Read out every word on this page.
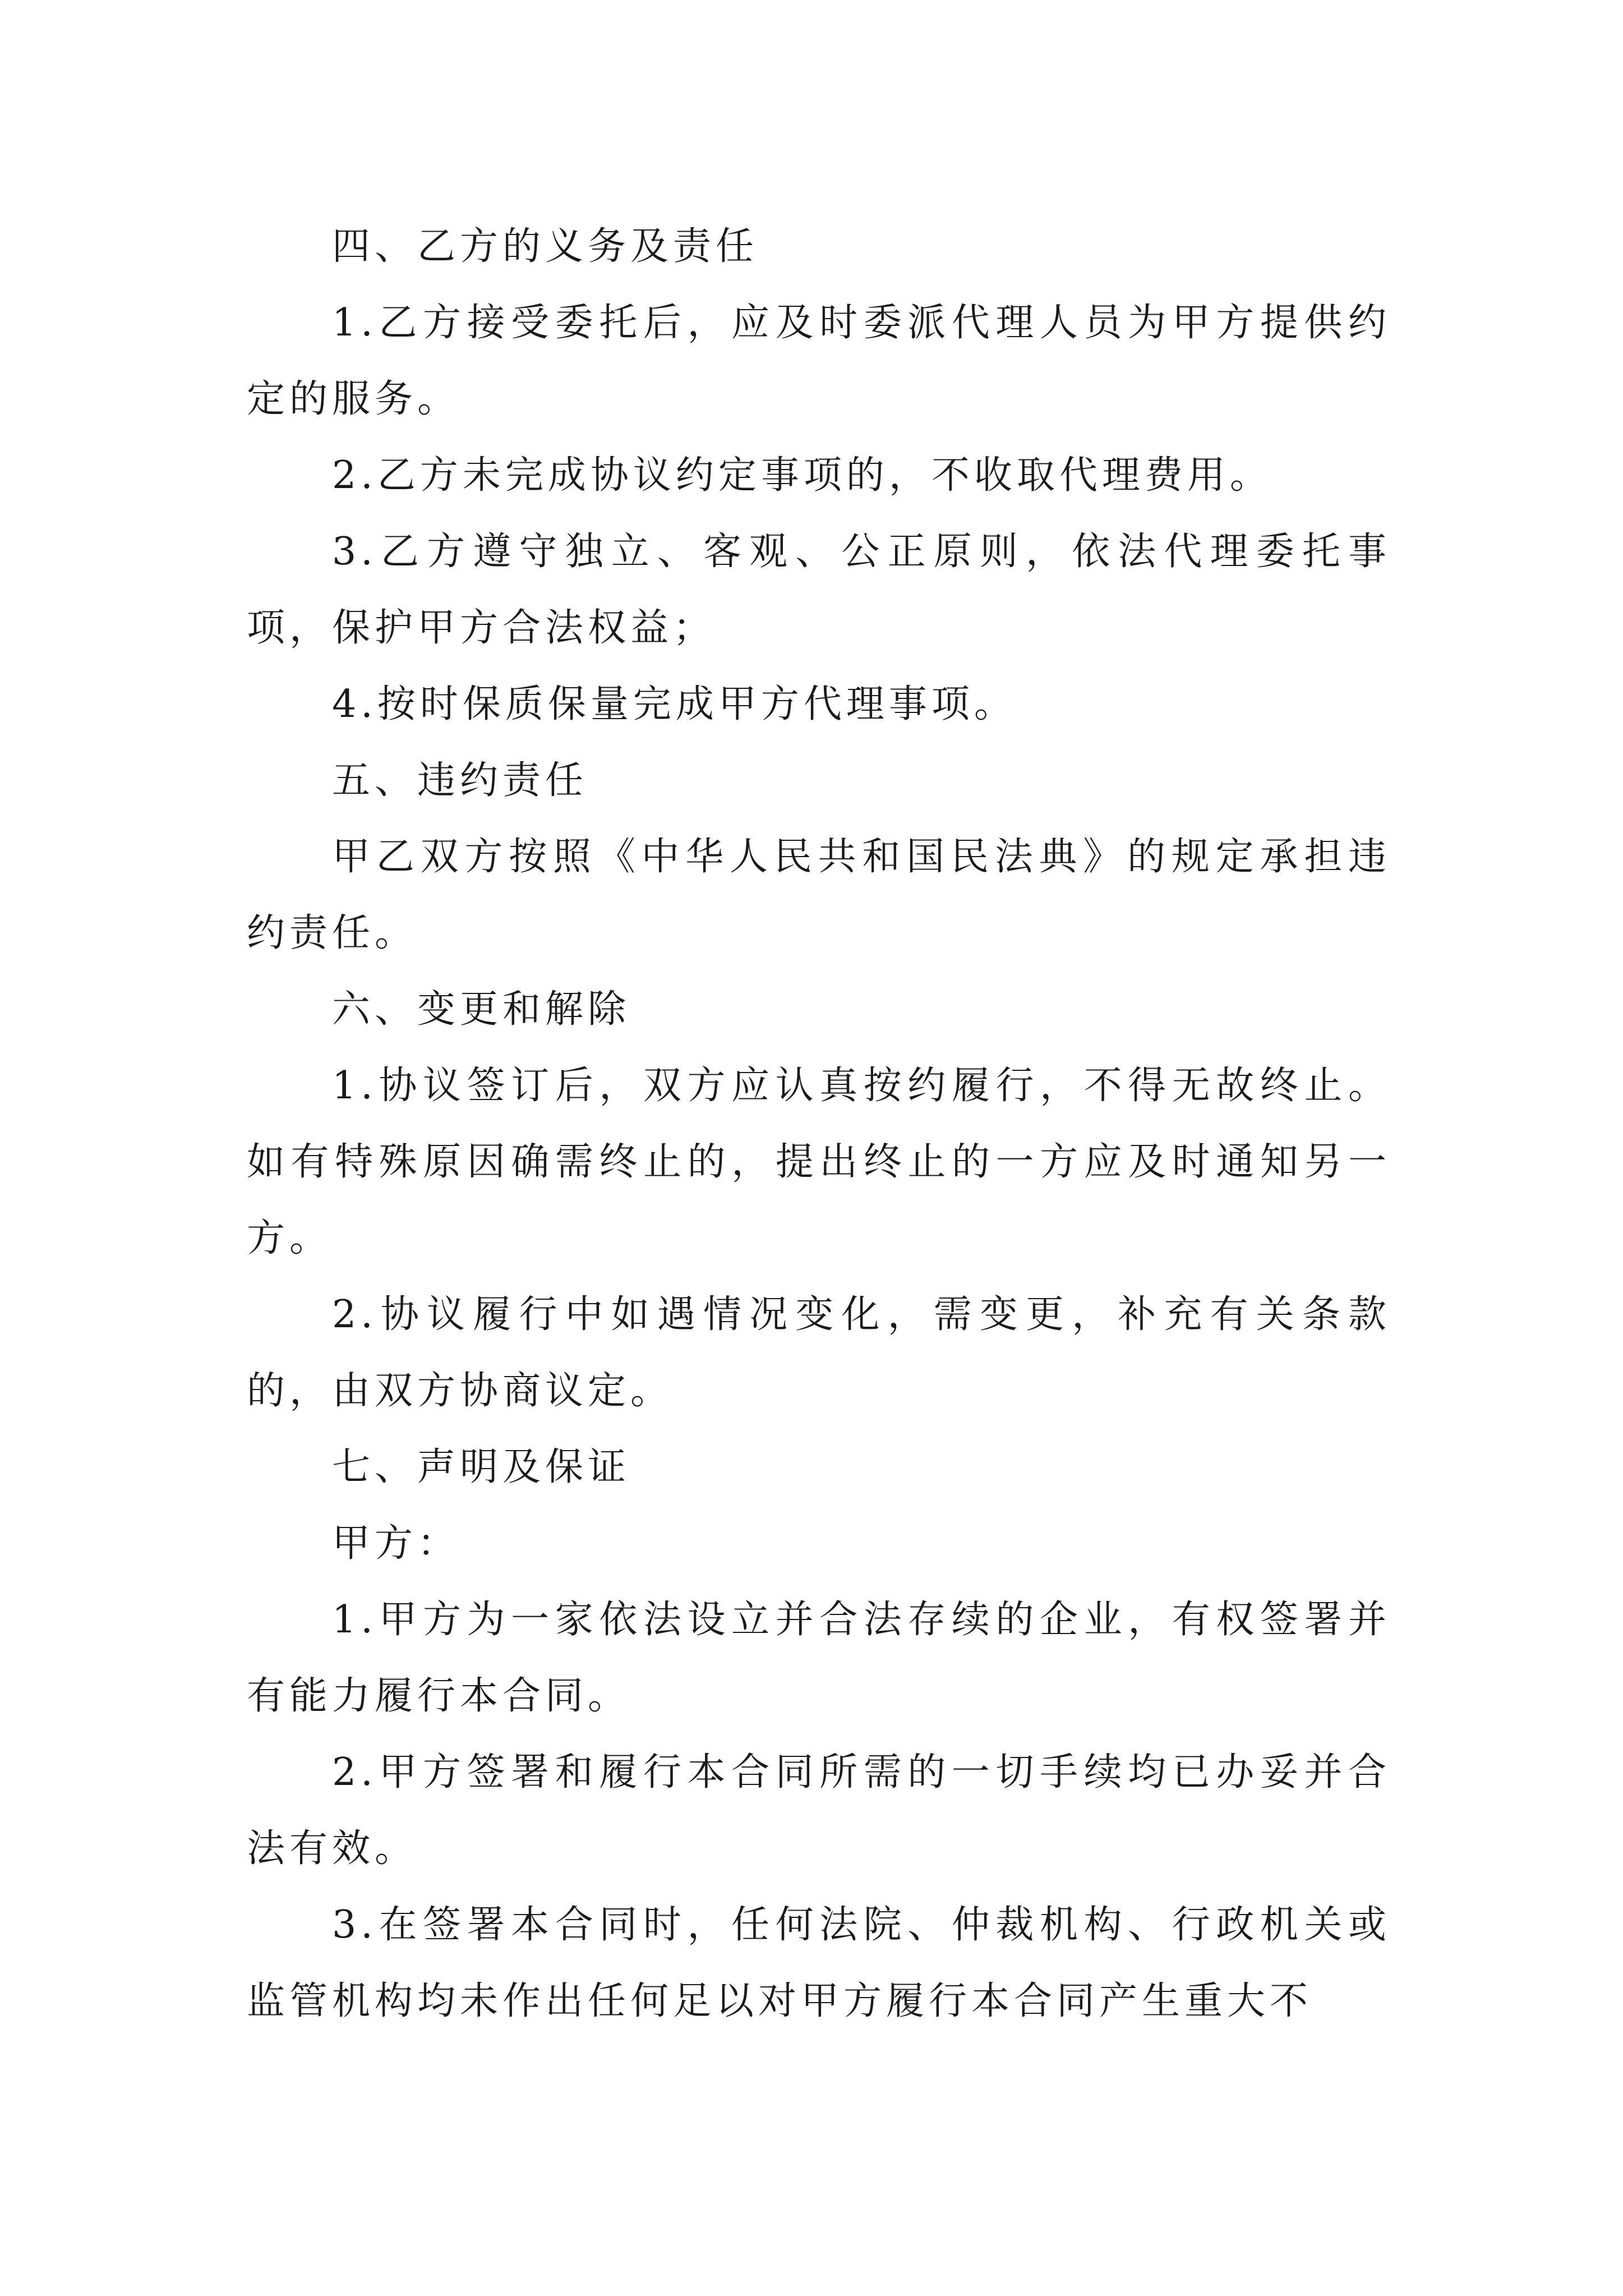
四、乙方的义务及责任

1.乙方接受委托后，应及时委派代理人员为甲方提供约定的服务。

2.乙方未完成协议约定事项的，不收取代理费用。

3.乙方遵守独立、客观、公正原则，依法代理委托事项，保护甲方合法权益；

4.按时保质保量完成甲方代理事项。

五、违约责任

甲乙双方按照《中华人民共和国民法典》的规定承担违约责任。

六、变更和解除

1.协议签订后，双方应认真按约履行，不得无故终止。如有特殊原因确需终止的，提出终止的一方应及时通知另一方。

2.协议履行中如遇情况变化，需变更，补充有关条款的，由双方协商议定。

七、声明及保证

甲方：

1.甲方为一家依法设立并合法存续的企业，有权签署并有能力履行本合同。

2.甲方签署和履行本合同所需的一切手续均已办妥并合法有效。

3.在签署本合同时，任何法院、仲裁机构、行政机关或监管机构均未作出任何足以对甲方履行本合同产生重大不
